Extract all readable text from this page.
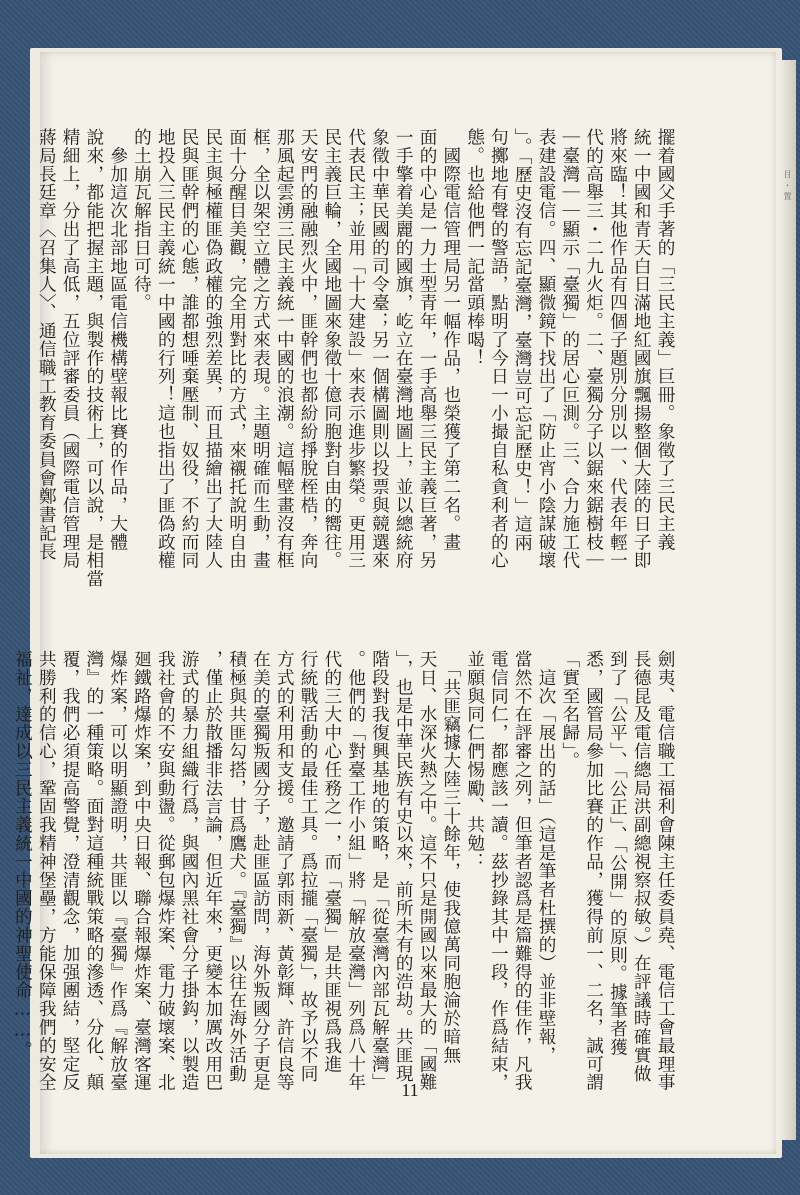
目・置
擺着國父手著的「三民主義」巨冊。象徵了三民主義
統一中國和青天白日滿地紅國旗飄揚整個大陸的日子即
將來臨！其他作品有四個子題別分別以一、代表年輕一
代的高舉三・二九火炬。二、臺獨分子以鋸來鋸樹枝｜
｜臺灣｜｜顯示「臺獨」的居心叵測。三、合力施工代
表建設電信。四、顯微鏡下找出了「防止宵小陰謀破壞
」。「歷史沒有忘記臺灣，臺灣豈可忘記歷史！」這兩
句擲地有聲的警語，點明了今日一小撮自私貪利者的心
態。也給他們一記當頭棒喝！
　國際電信管理局另一幅作品，也榮獲了第二名。畫
面的中心是一力士型青年，一手高舉三民主義巨著，另
一手擎着美麗的國旗，屹立在臺灣地圖上，並以總統府
象徵中華民國的司令臺；另一個構圖則以投票與競選來
代表民主；並用「十大建設」來表示進步繁榮。更用三
民主義巨輪，全國地圖來象徵十億同胞對自由的嚮往。
天安門的融融烈火中，匪幹們也都紛紛掙脫桎梏，奔向
那風起雲湧三民主義統一中國的浪潮。這幅壁畫沒有框
框，全以架空立體之方式來表現。主題明確而生動，畫
面十分醒目美觀，完全用對比的方式，來襯托說明自由
民主與極權匪偽政權的強烈差異，而且描繪出了大陸人
民與匪幹們的心態，誰都想唾棄壓制、奴役，不約而同
地投入三民主義統一中國的行列！這也指出了匪偽政權
的土崩瓦解指日可待。
　參加這次北部地區電信機構壁報比賽的作品，大體
說來，都能把握主題，與製作的技術上，可以說，是相當
精細上，分出了高低，五位評審委員（國際電信管理局
蔣局長廷章〈召集人〉、通信職工教育委員會鄭書記長
劍夷、電信職工福利會陳主任委員堯、電信工會最理事
長德昆及電信總局洪副總視察叔敏。）在評議時確實做
到了「公平」、「公正」、「公開」的原則。據筆者獲
悉，國管局參加比賽的作品，獲得前一、二名，誠可謂
「實至名歸」。
　這次「展出的話」（這是筆者杜撰的）並非壁報，
當然不在評審之列，但筆者認爲是篇難得的佳作，凡我
電信同仁，都應該一讀。茲抄錄其中一段，作爲結束，
並願與同仁們惕勵、共勉：
　「共匪竊據大陸三十餘年，使我億萬同胞淪於暗無
天日、水深火熱之中。這不只是開國以來最大的「國難
」，也是中華民族有史以來，前所未有的浩劫。共匪現
階段對我復興基地的策略，是「從臺灣內部瓦解臺灣」
。他們的「對臺工作小組」將「解放臺灣」列爲八十年
代的三大中心任務之一，而「臺獨」是共匪視爲我進
行統戰活動的最佳工具。爲拉攏「臺獨」，故予以不同
方式的利用和支援。邀請了郭雨新、黃彰輝、許信良等
在美的臺獨叛國分子，赴匪區訪問，海外叛國分子更是
積極與共匪勾搭，甘爲鷹犬。『臺獨』以往在海外活動
，僅止於散播非法言論，但近年來，更變本加厲改用巴
游式的暴力組織行爲，與國內黑社會分子掛鈎，以製造
我社會的不安與動盪。從郵包爆炸案、電力破壞案、北
廻鐵路爆炸案，到中央日報、聯合報爆炸案、臺灣客運
爆炸案，可以明顯證明，共匪以『臺獨』作爲『解放臺
灣』的一種策略。面對這種統戰策略的滲透、分化、顛
覆，我們必須提高警覺，澄清觀念，加强團結，堅定反
共勝利的信心，鞏固我精神堡壘，方能保障我們的安全
福祉，達成以三民主義統一中國的神聖使命……。
11
